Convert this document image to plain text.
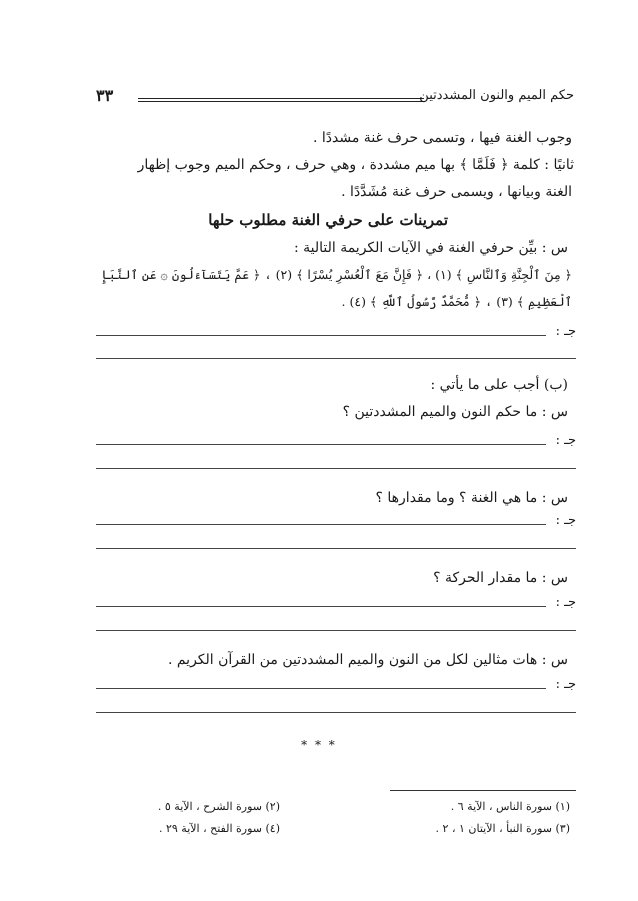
٣٣	حكم الميم والنون المشددتين
وجوب الغنة فيها ، وتسمى حرف غنة مشددًا .
ثانيًا : كلمة ﴿ فَلَمَّا ﴾ بها ميم مشددة ، وهي حرف ، وحكم الميم وجوب إظهار
الغنة وبيانها ، ويسمى حرف غنة مُشَدَّدًا .
تمرينات على حرفي الغنة مطلوب حلها
س : بيِّن حرفي الغنة في الآيات الكريمة التالية :
﴿ مِنَ ٱلْجِنَّةِ وَٱلنَّاسِ ﴾ (١) ، ﴿ فَإِنَّ مَعَ ٱلْعُسْرِ يُسْرًا ﴾ (٢) ، ﴿ عَمَّ يَتَسَآءَلُونَ ۞ عَنِ ٱلنَّبَإِ
ٱلْعَظِيمِ ﴾ (٣) ، ﴿ مُّحَمَّدٌ رَّسُولُ ٱللَّهِ ﴾ (٤) .
جـ :
(ب) أجب على ما يأتي :
س : ما حكم النون والميم المشددتين ؟
جـ :
س : ما هي الغنة ؟ وما مقدارها ؟
جـ :
س : ما مقدار الحركة ؟
جـ :
س : هات مثالين لكل من النون والميم المشددتين من القرآن الكريم .
جـ :
* * *
(١) سورة الناس ، الآية ٦ .
(٢) سورة الشرح ، الآية ٥ .
(٣) سورة النبأ ، الآيتان ١ ، ٢ .
(٤) سورة الفتح ، الآية ٢٩ .
